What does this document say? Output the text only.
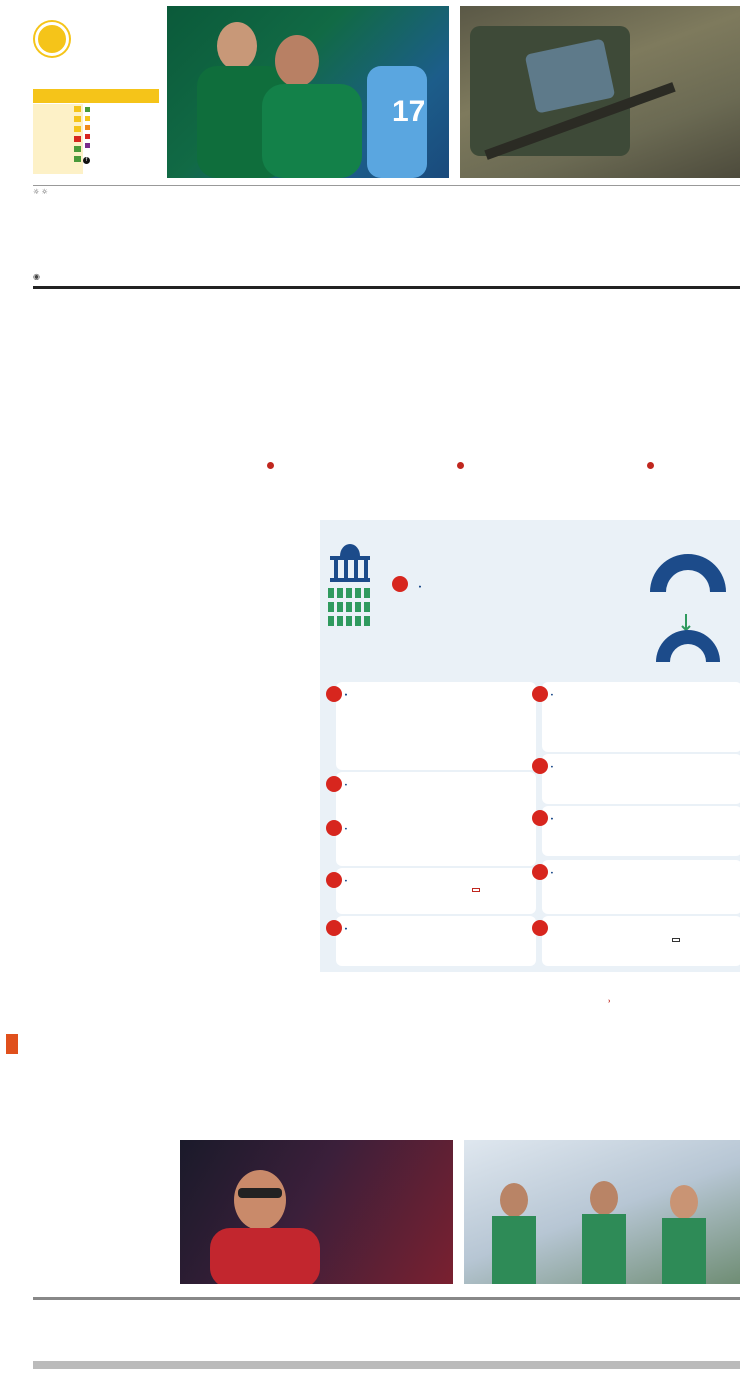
f
17
☼ ☼
◉

›
